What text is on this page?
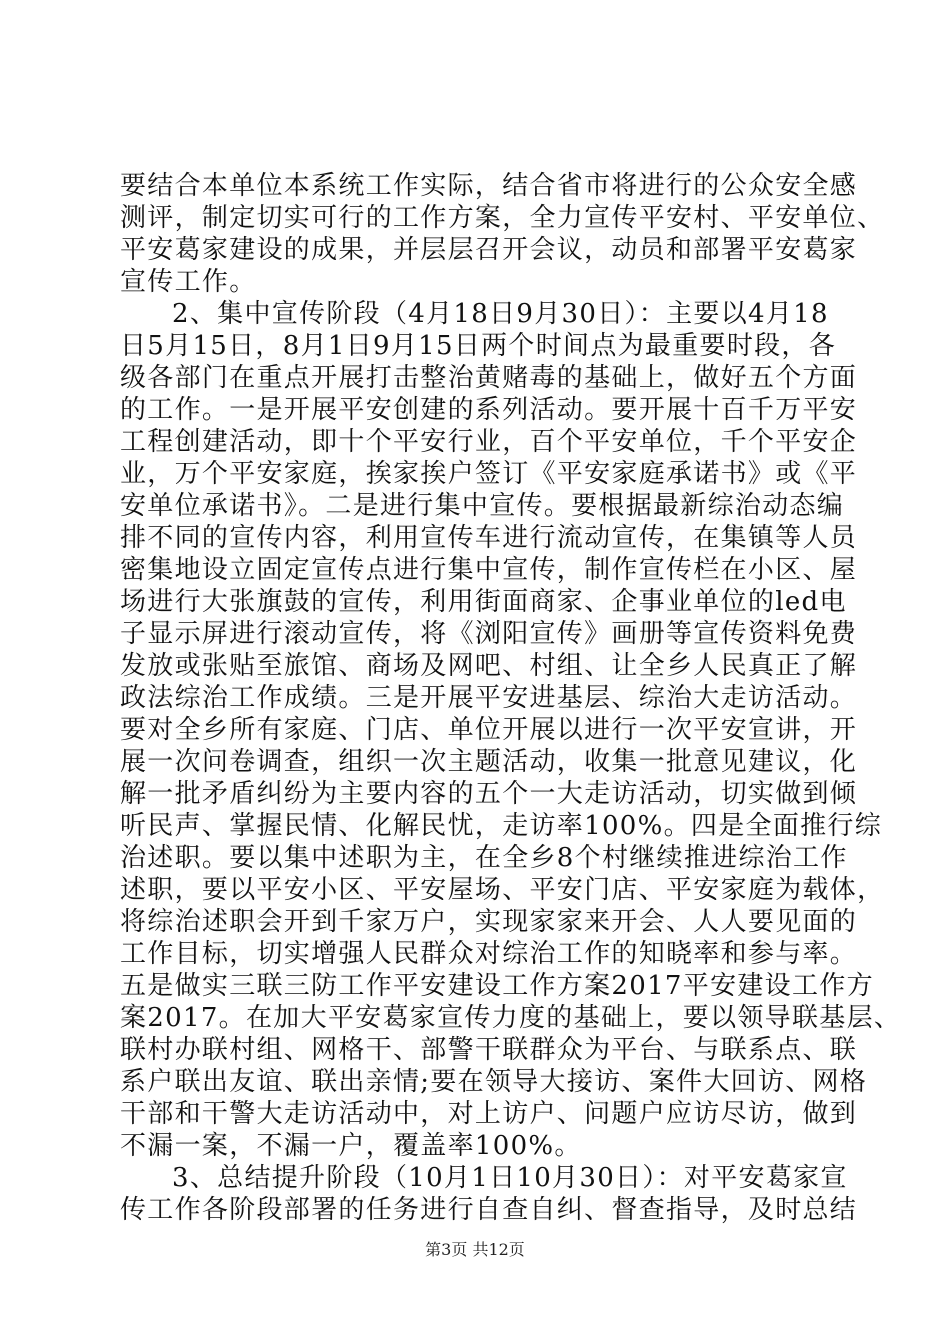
要结合本单位本系统工作实际，结合省市将进行的公众安全感
测评，制定切实可行的工作方案，全力宣传平安村、平安单位、
平安葛家建设的成果，并层层召开会议，动员和部署平安葛家
宣传工作。
2、集中宣传阶段（4月18日9月30日）：主要以4月18
日5月15日，8月1日9月15日两个时间点为最重要时段，各
级各部门在重点开展打击整治黄赌毒的基础上，做好五个方面
的工作。一是开展平安创建的系列活动。要开展十百千万平安
工程创建活动，即十个平安行业，百个平安单位，千个平安企
业，万个平安家庭，挨家挨户签订《平安家庭承诺书》或《平
安单位承诺书》。二是进行集中宣传。要根据最新综治动态编
排不同的宣传内容，利用宣传车进行流动宣传，在集镇等人员
密集地设立固定宣传点进行集中宣传，制作宣传栏在小区、屋
场进行大张旗鼓的宣传，利用街面商家、企事业单位的led电
子显示屏进行滚动宣传，将《浏阳宣传》画册等宣传资料免费
发放或张贴至旅馆、商场及网吧、村组、让全乡人民真正了解
政法综治工作成绩。三是开展平安进基层、综治大走访活动。
要对全乡所有家庭、门店、单位开展以进行一次平安宣讲，开
展一次问卷调查，组织一次主题活动，收集一批意见建议，化
解一批矛盾纠纷为主要内容的五个一大走访活动，切实做到倾
听民声、掌握民情、化解民忧，走访率100%。四是全面推行综
治述职。要以集中述职为主，在全乡8个村继续推进综治工作
述职，要以平安小区、平安屋场、平安门店、平安家庭为载体，
将综治述职会开到千家万户，实现家家来开会、人人要见面的
工作目标，切实增强人民群众对综治工作的知晓率和参与率。
五是做实三联三防工作平安建设工作方案2017平安建设工作方
案2017。在加大平安葛家宣传力度的基础上，要以领导联基层、
联村办联村组、网格干、部警干联群众为平台、与联系点、联
系户联出友谊、联出亲情;要在领导大接访、案件大回访、网格
干部和干警大走访活动中，对上访户、问题户应访尽访，做到
不漏一案，不漏一户，覆盖率100%。
3、总结提升阶段（10月1日10月30日）：对平安葛家宣
传工作各阶段部署的任务进行自查自纠、督查指导，及时总结
第3页 共12页
